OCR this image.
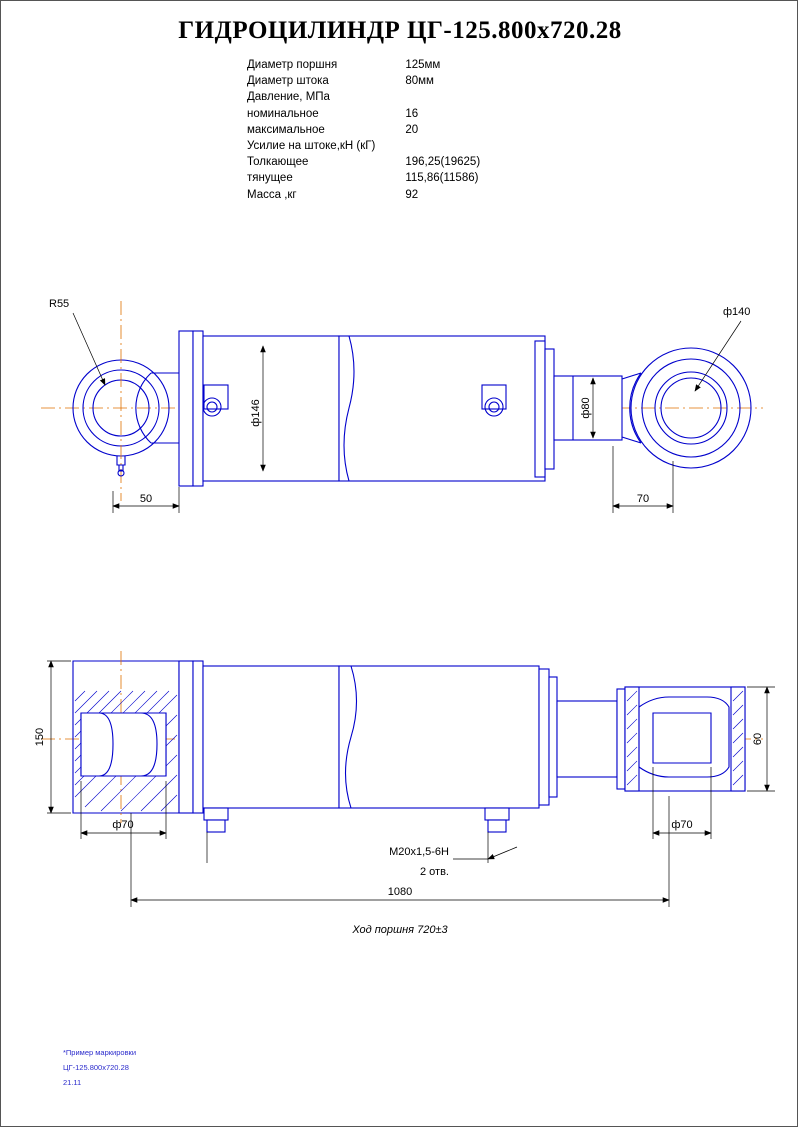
ГИДРОЦИЛИНДР ЦГ-125.800х720.28
Диаметр поршня	125мм
Диаметр штока	80мм
Давление, МПа	
номинальное	16
максимальное	20
Усилие на штоке,кН (кГ)	
Толкающее	196,25(19625)
тянущее	115,86(11586)
Масса ,кг	92
R55
ф140
ф146	ф80
50	70
150	60
ф70	ф70
M20x1,5-6H
2 отв.
1080
Ход поршня 720±3
*Пример маркировки
ЦГ-125.800х720.28
21.11
